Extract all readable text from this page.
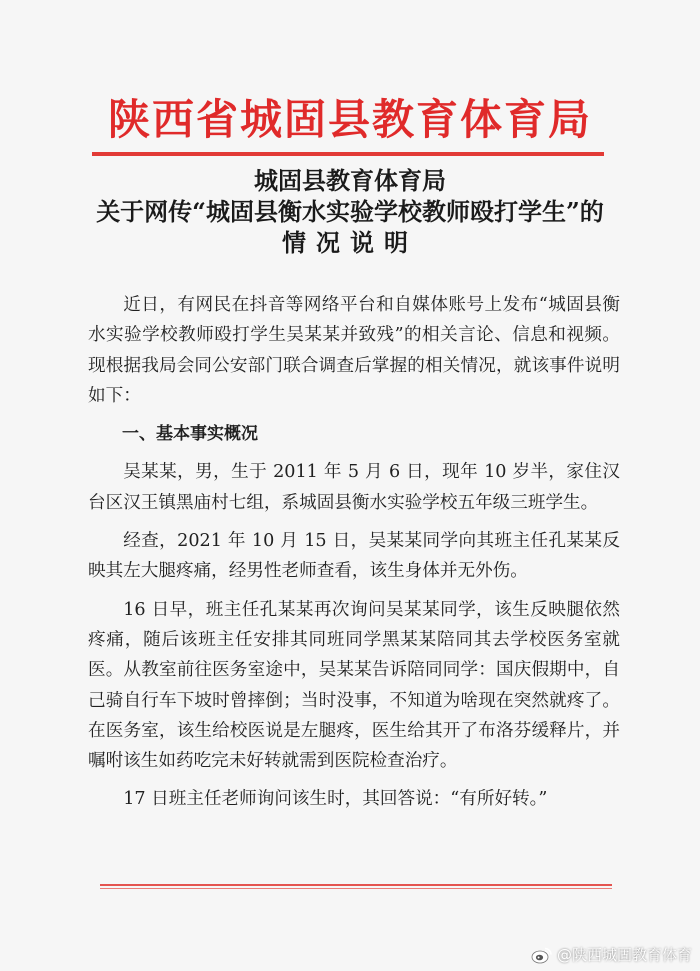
陕西省城固县教育体育局
城固县教育体育局
关于网传“城固县衡水实验学校教师殴打学生”的
情况说明

近日，有网民在抖音等网络平台和自媒体账号上发布“城固县衡水实验学校教师殴打学生吴某某并致残”的相关言论、信息和视频。现根据我局会同公安部门联合调查后掌握的相关情况，就该事件说明如下：

一、基本事实概况

吴某某，男，生于 2011 年 5 月 6 日，现年 10 岁半，家住汉台区汉王镇黑庙村七组，系城固县衡水实验学校五年级三班学生。

经查，2021 年 10 月 15 日，吴某某同学向其班主任孔某某反映其左大腿疼痛，经男性老师查看，该生身体并无外伤。

16 日早，班主任孔某某再次询问吴某某同学，该生反映腿依然疼痛，随后该班主任安排其同班同学黑某某陪同其去学校医务室就医。从教室前往医务室途中，吴某某告诉陪同同学：国庆假期中，自己骑自行车下坡时曾摔倒；当时没事，不知道为啥现在突然就疼了。在医务室，该生给校医说是左腿疼，医生给其开了布洛芬缓释片，并嘱咐该生如药吃完未好转就需到医院检查治疗。

17 日班主任老师询问该生时，其回答说：“有所好转。”

@陕西城固教育体育
